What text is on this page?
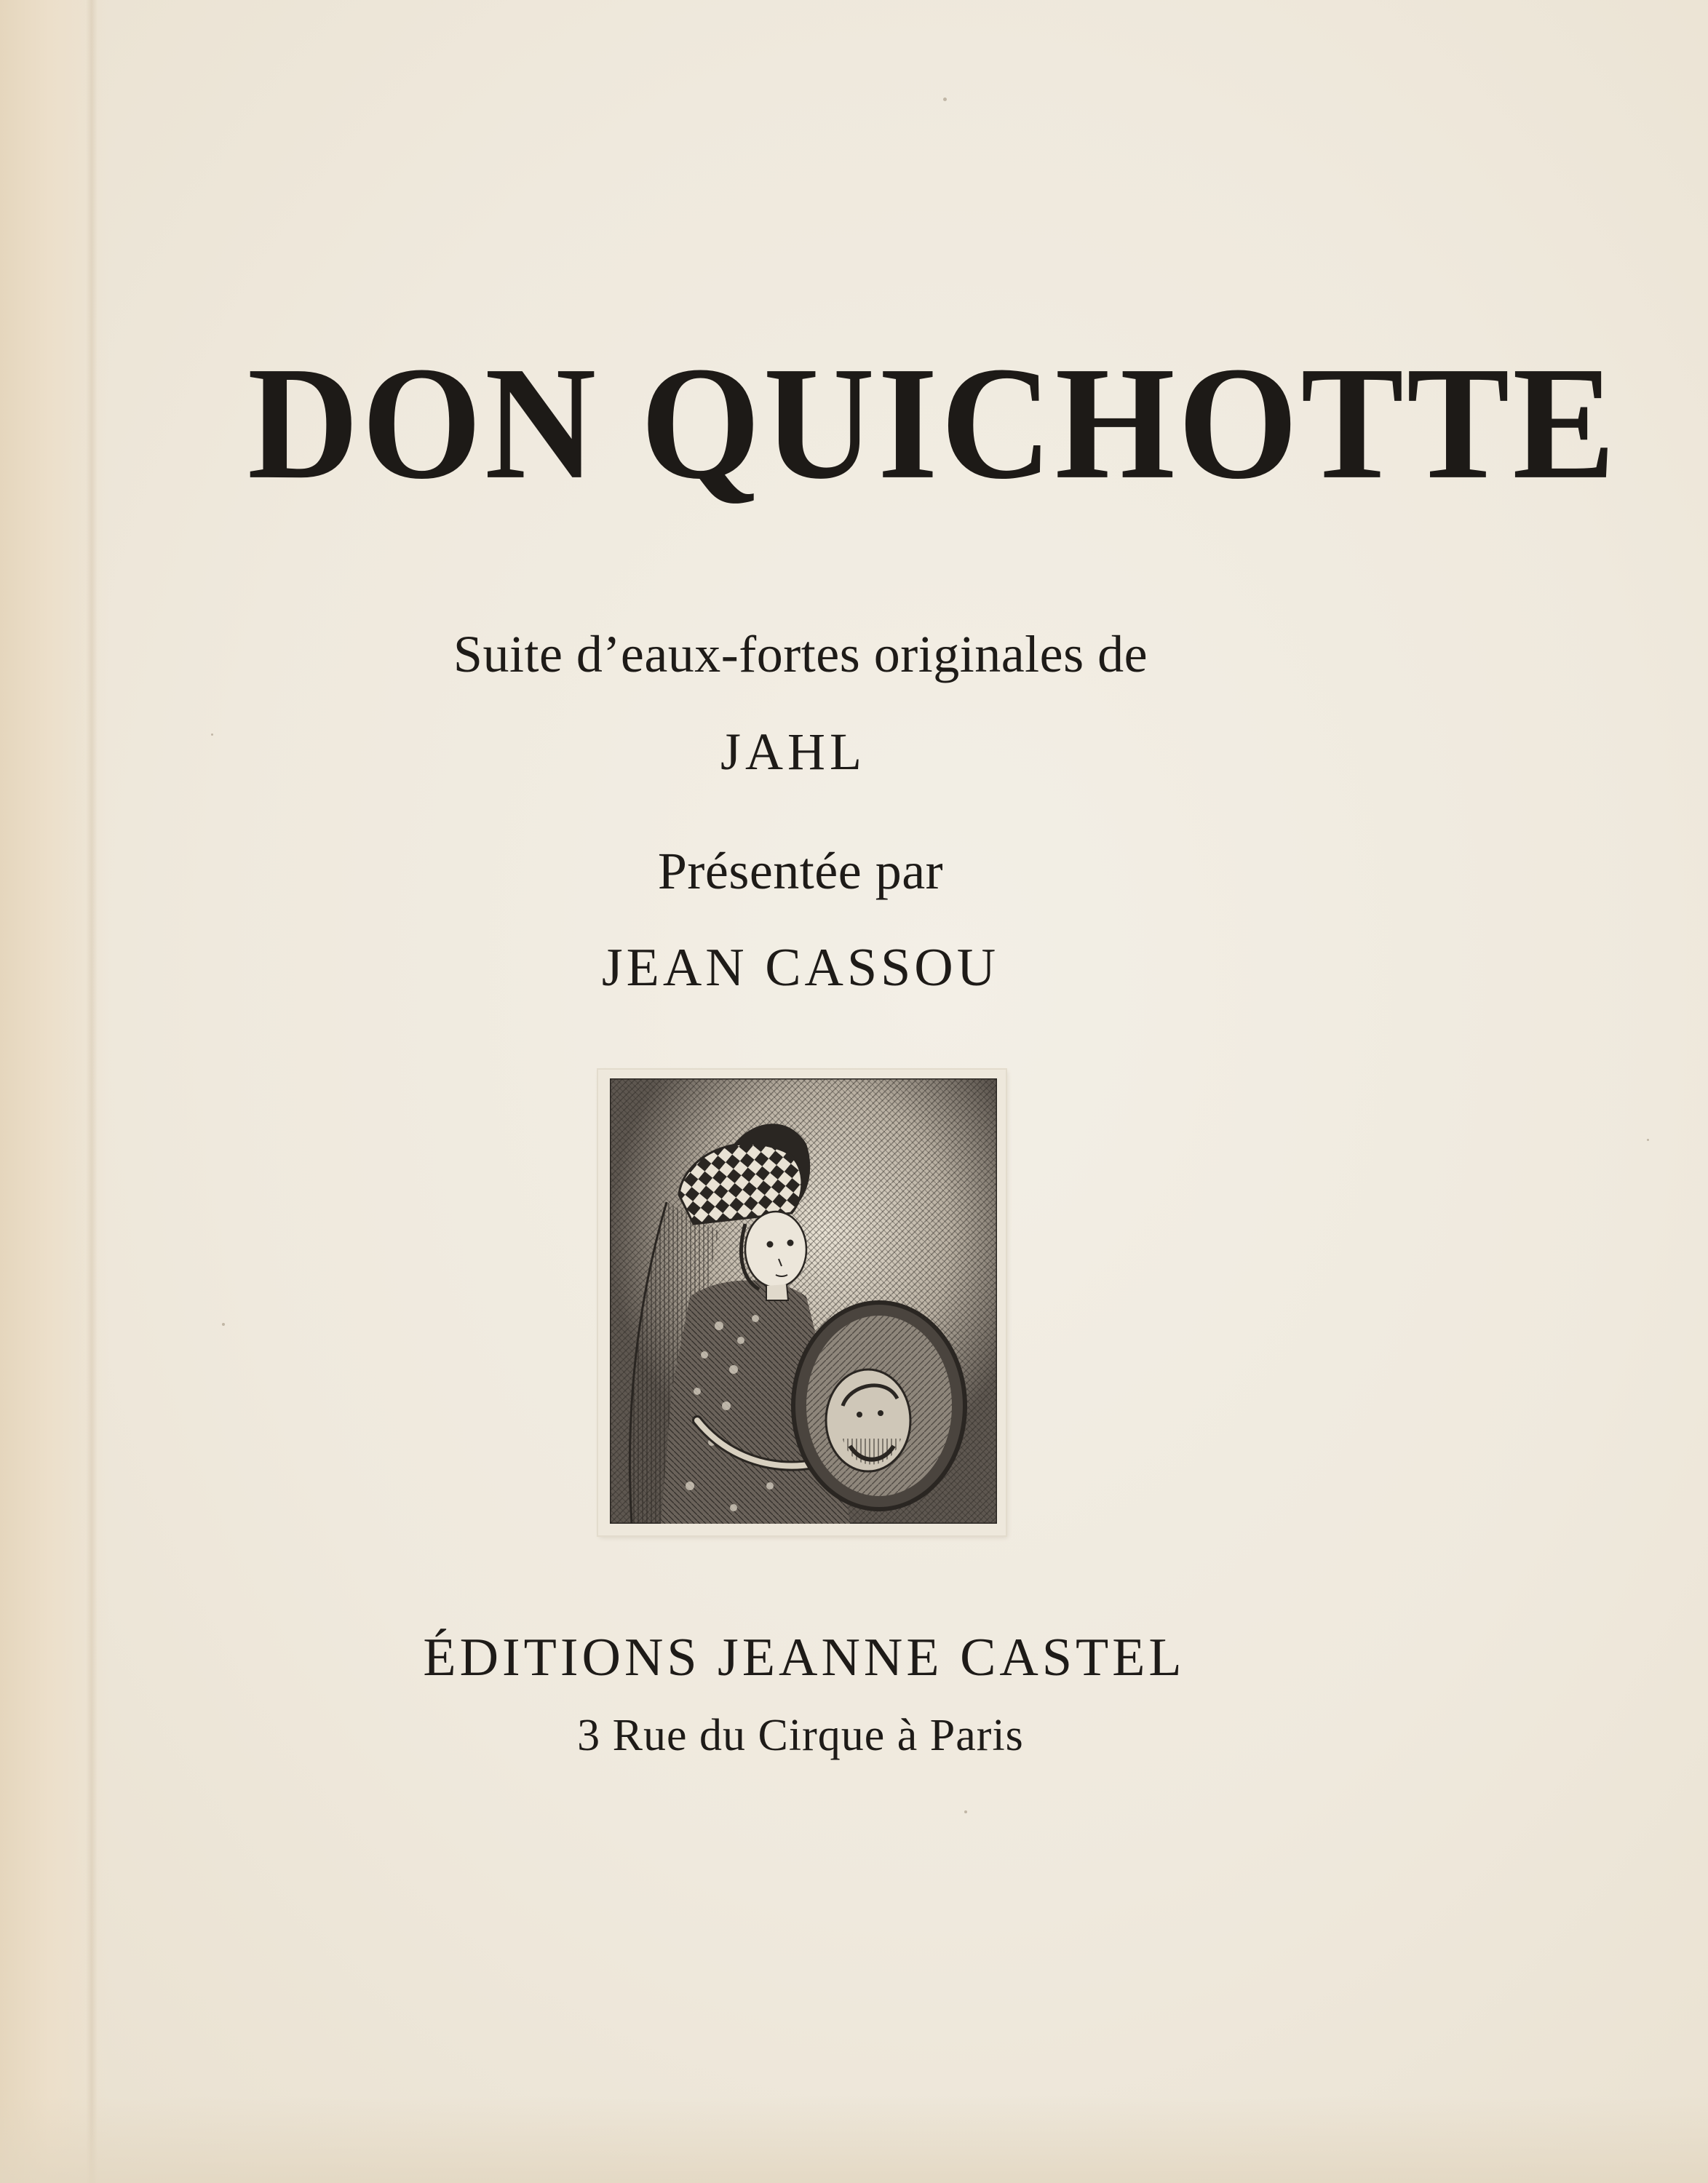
DON QUICHOTTE
Suite d’eaux-fortes originales de
JAHL
Présentée par
JEAN CASSOU
ÉDITIONS JEANNE CASTEL
3 Rue du Cirque à Paris
